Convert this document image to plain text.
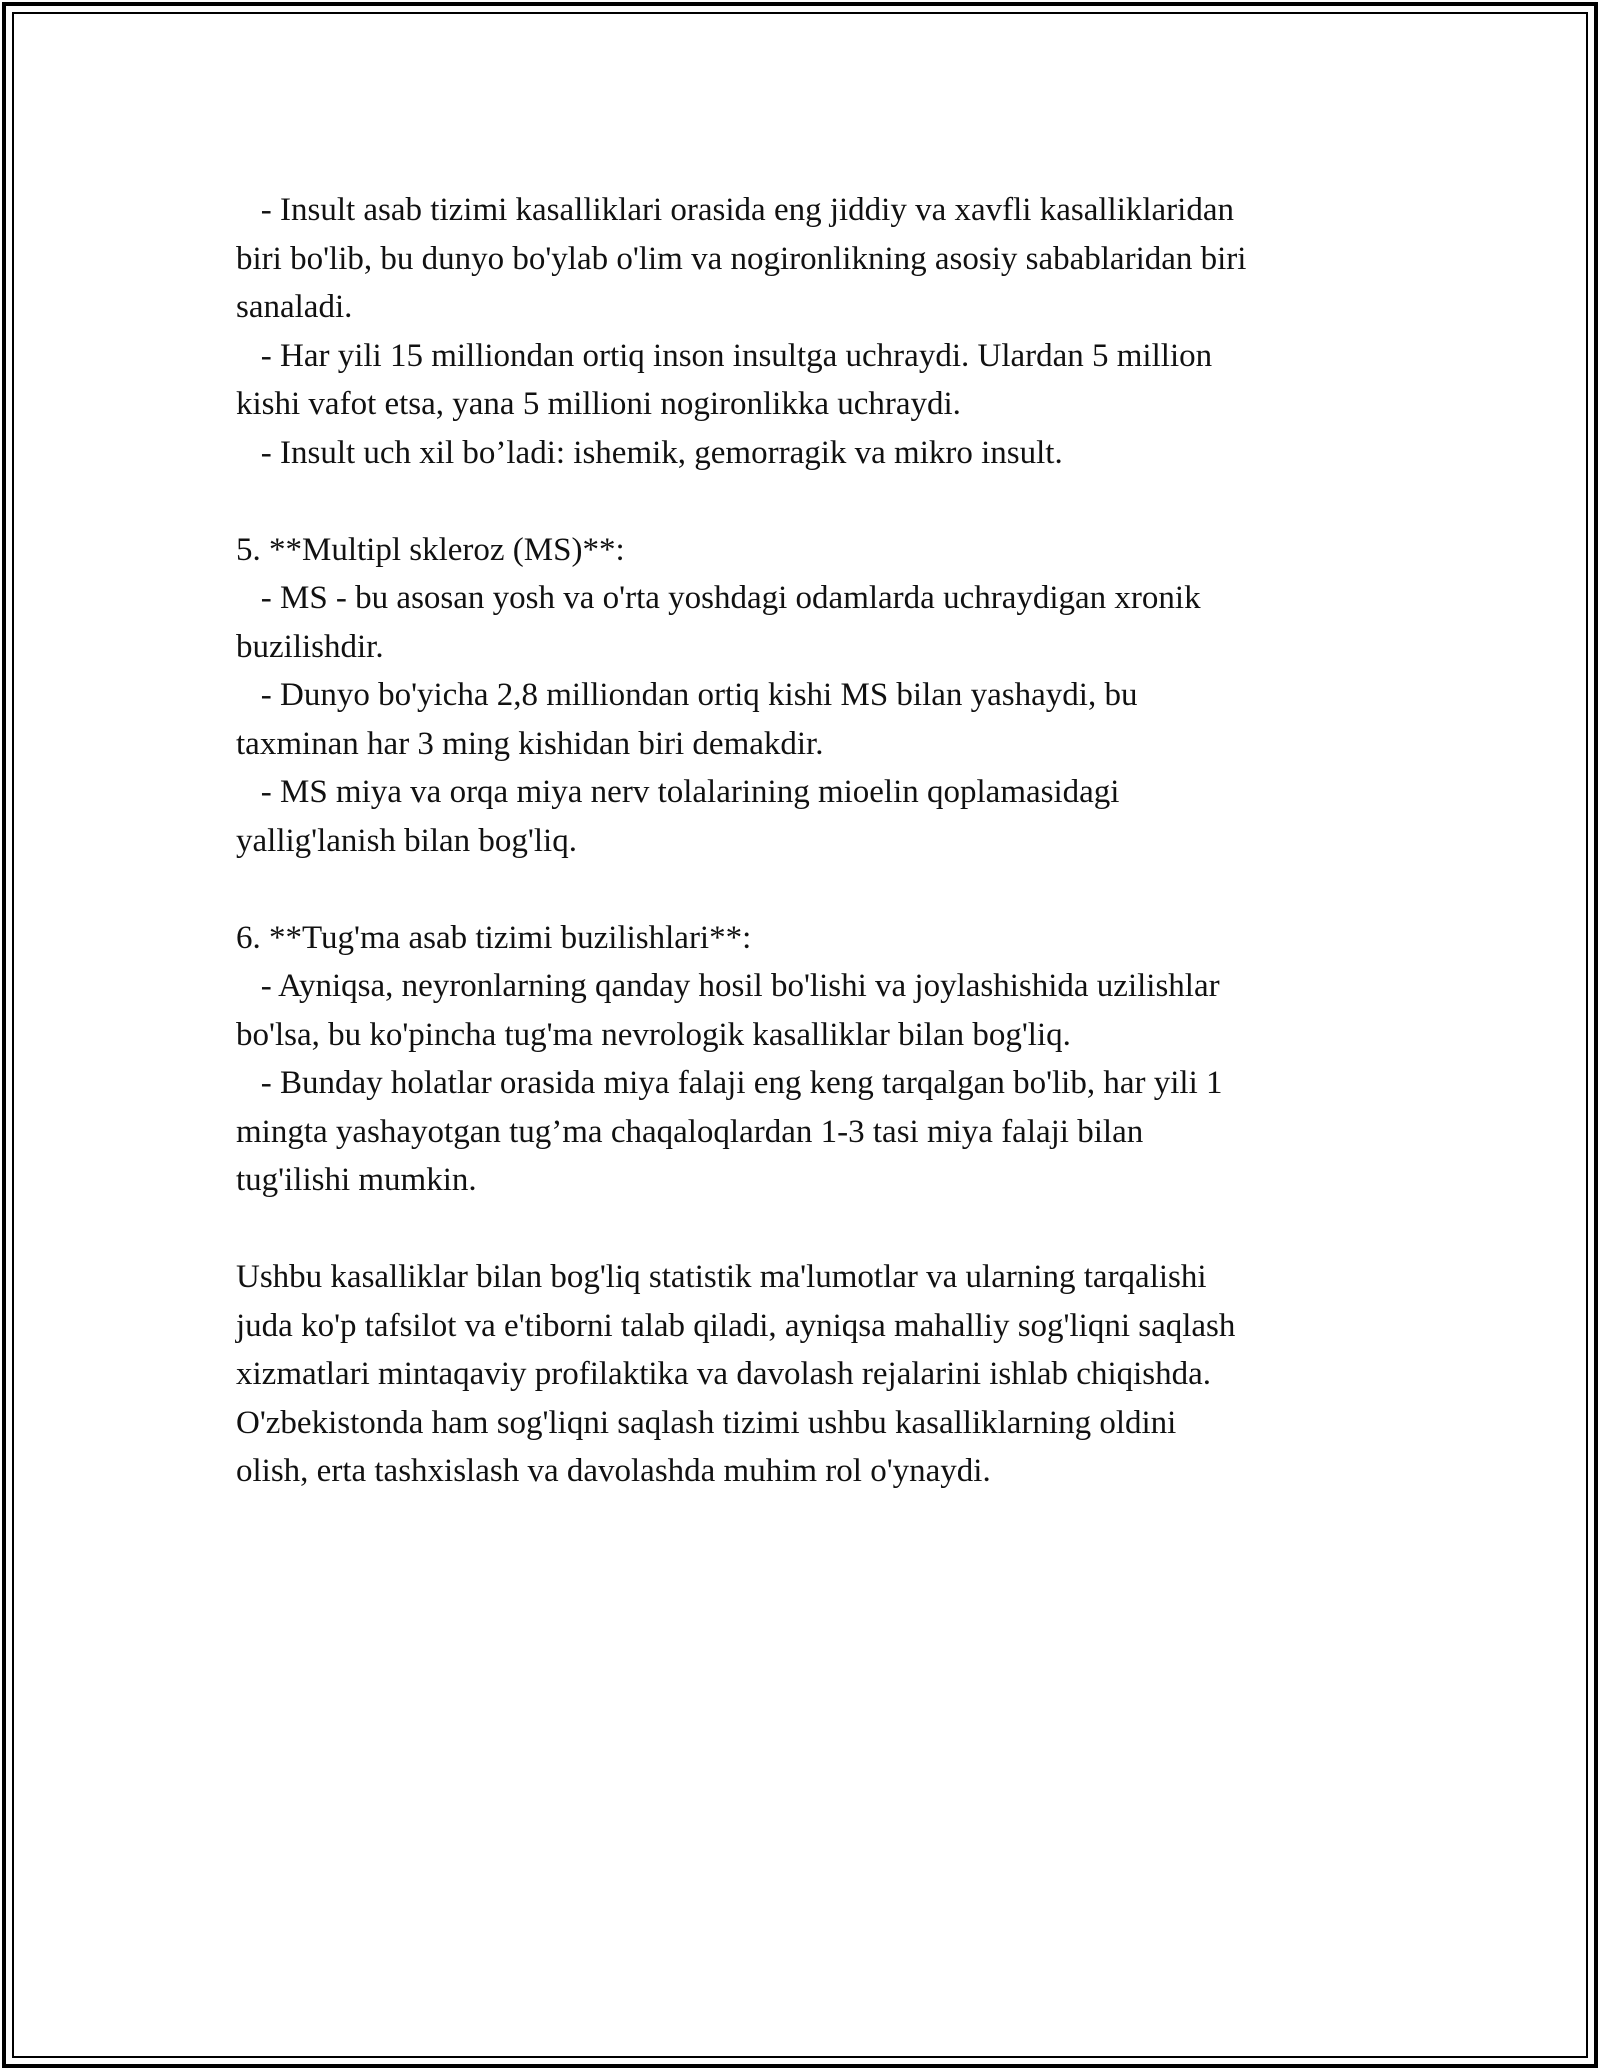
- Insult asab tizimi kasalliklari orasida eng jiddiy va xavfli kasalliklaridan
biri bo'lib, bu dunyo bo'ylab o'lim va nogironlikning asosiy sabablaridan biri
sanaladi.
- Har yili 15 milliondan ortiq inson insultga uchraydi. Ulardan 5 million
kishi vafot etsa, yana 5 millioni nogironlikka uchraydi.
- Insult uch xil bo’ladi: ishemik, gemorragik va mikro insult.
5. **Multipl skleroz (MS)**:
- MS - bu asosan yosh va o'rta yoshdagi odamlarda uchraydigan xronik
buzilishdir.
- Dunyo bo'yicha 2,8 milliondan ortiq kishi MS bilan yashaydi, bu
taxminan har 3 ming kishidan biri demakdir.
- MS miya va orqa miya nerv tolalarining mioelin qoplamasidagi
yallig'lanish bilan bog'liq.
6. **Tug'ma asab tizimi buzilishlari**:
- Ayniqsa, neyronlarning qanday hosil bo'lishi va joylashishida uzilishlar
bo'lsa, bu ko'pincha tug'ma nevrologik kasalliklar bilan bog'liq.
- Bunday holatlar orasida miya falaji eng keng tarqalgan bo'lib, har yili 1
mingta yashayotgan tug’ma chaqaloqlardan 1-3 tasi miya falaji bilan
tug'ilishi mumkin.
Ushbu kasalliklar bilan bog'liq statistik ma'lumotlar va ularning tarqalishi
juda ko'p tafsilot va e'tiborni talab qiladi, ayniqsa mahalliy sog'liqni saqlash
xizmatlari mintaqaviy profilaktika va davolash rejalarini ishlab chiqishda.
O'zbekistonda ham sog'liqni saqlash tizimi ushbu kasalliklarning oldini
olish, erta tashxislash va davolashda muhim rol o'ynaydi.
